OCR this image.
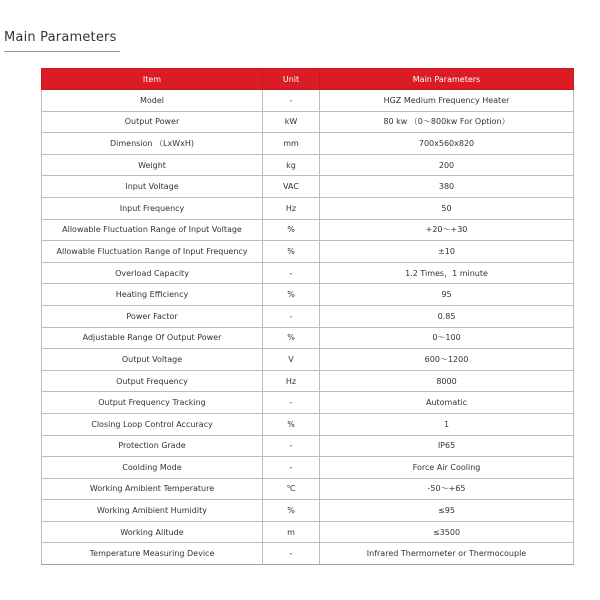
Main Parameters
Item	Unit	Main Parameters
Model	-	HGZ Medium Frequency Heater
Output Power	kW	80 kw （0～800kw For Option）
Dimension （LxWxH)	mm	700x560x820
Weight	kg	200
Input Voltage	VAC	380
Input Frequency	Hz	50
Allowable Fluctuation Range of Input Voltage	%	+20～+30
Allowable Fluctuation Range of Input Frequency	%	±10
Overload Capacity	-	1.2 Times，1 minute
Heating Efficiency	%	95
Power Factor	-	0.85
Adjustable Range Of Output Power	%	0～100
Output Voltage	V	600～1200
Output Frequency	Hz	8000
Output Frequency Tracking	-	Automatic
Closing Loop Control Accuracy	%	1
Protection Grade	-	IP65
Coolding Mode	-	Force Air Cooling
Working Amibient Temperature	℃	-50～+65
Working Amibient Humidity	%	≤95
Working Alitude	m	≤3500
Temperature Measuring Device	-	Infrared Thermometer or Thermocouple
